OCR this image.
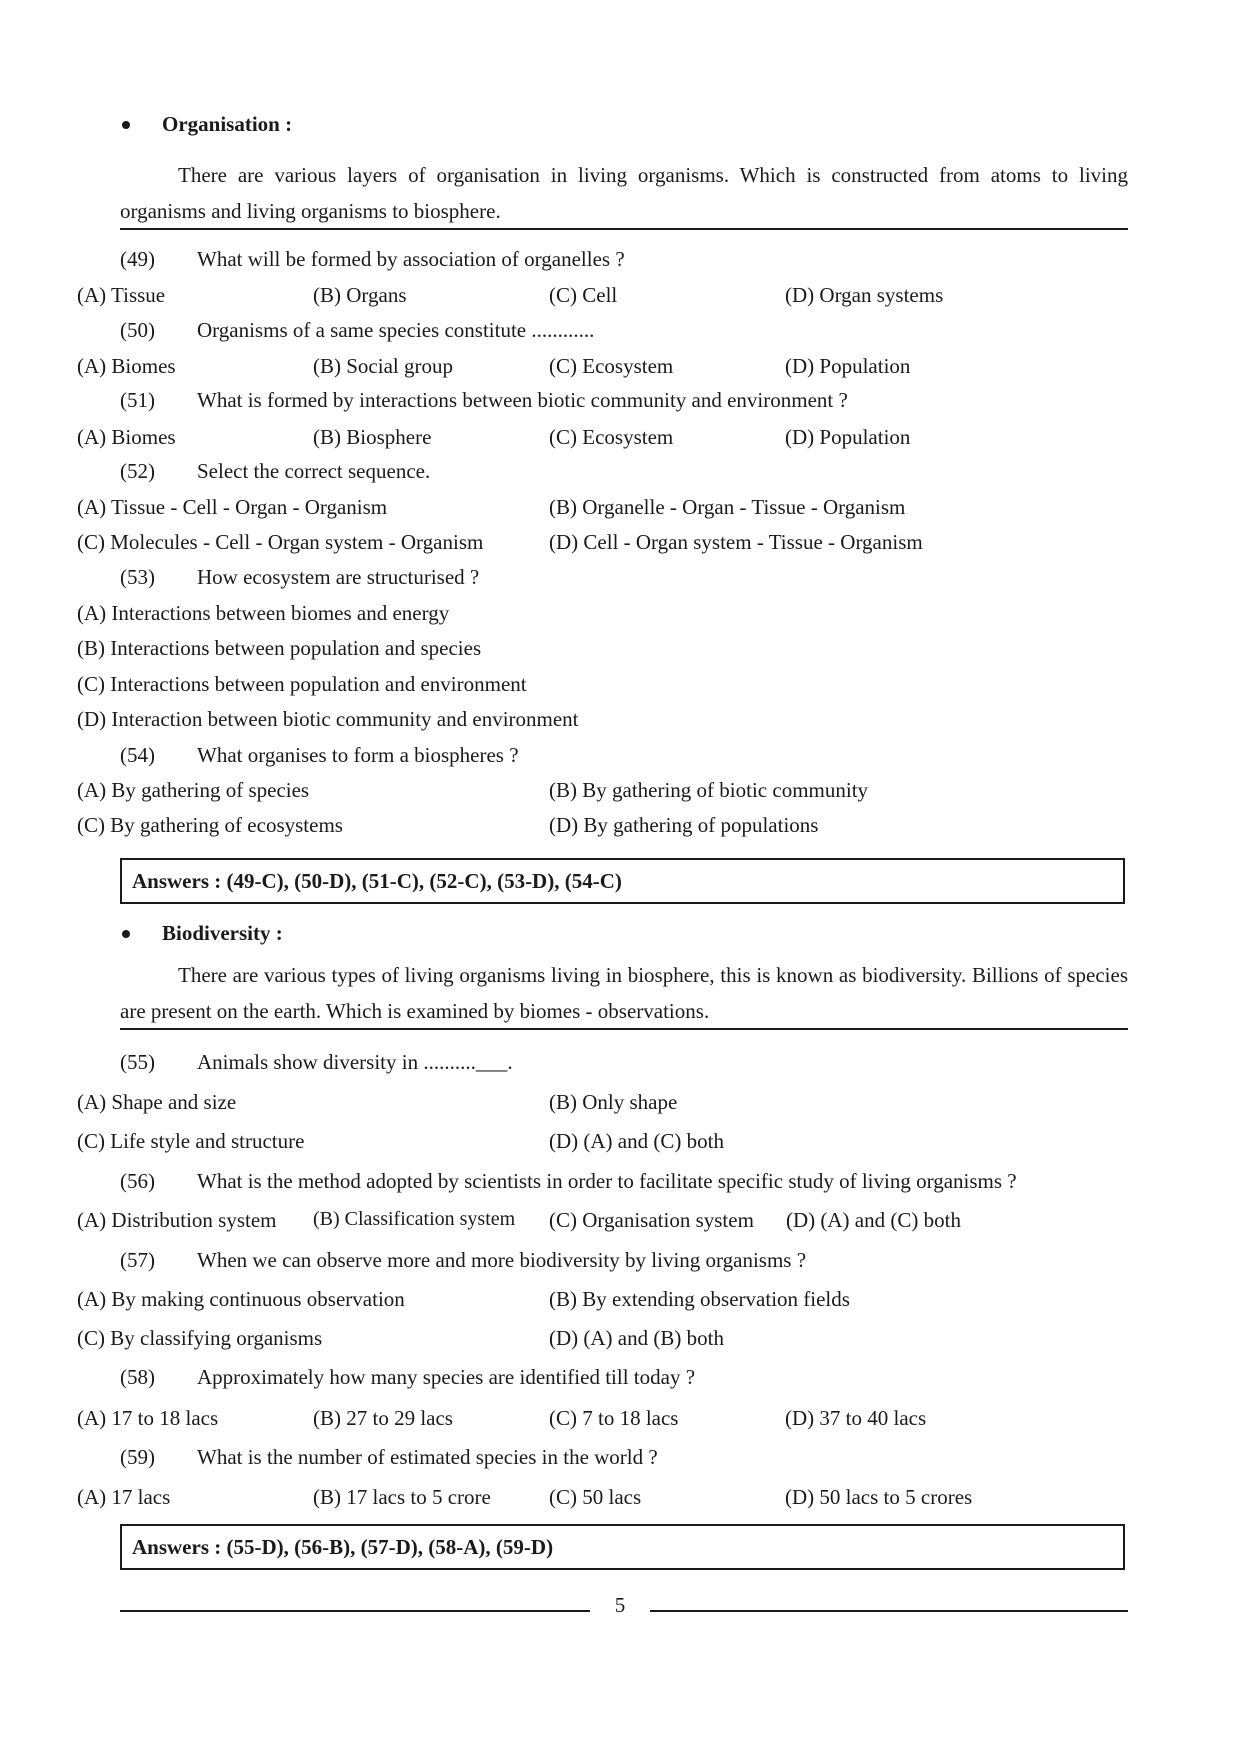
Organisation :
There are various layers of organisation in living organisms. Which is constructed from atoms to living organisms and living organisms to biosphere.
(49) What will be formed by association of organelles ?
(A) Tissue	(B) Organs	(C) Cell	(D) Organ systems
(50) Organisms of a same species constitute ............
(A) Biomes	(B) Social group	(C) Ecosystem	(D) Population
(51) What is formed by interactions between biotic community and environment ?
(A) Biomes	(B) Biosphere	(C) Ecosystem	(D) Population
(52) Select the correct sequence.
(A) Tissue - Cell - Organ - Organism	(B) Organelle - Organ - Tissue - Organism
(C) Molecules - Cell - Organ system - Organism	(D) Cell - Organ system - Tissue - Organism
(53) How ecosystem are structurised ?
(A) Interactions between biomes and energy
(B) Interactions between population and species
(C) Interactions between population and environment
(D) Interaction between biotic community and environment
(54) What organises to form a biospheres ?
(A) By gathering of species	(B) By gathering of biotic community
(C) By gathering of ecosystems	(D) By gathering of populations
Answers : (49-C), (50-D), (51-C), (52-C), (53-D), (54-C)
Biodiversity :
There are various types of living organisms living in biosphere, this is known as biodiversity. Billions of species are present on the earth. Which is examined by biomes - observations.
(55) Animals show diversity in ..........___.
(A) Shape and size	(B) Only shape
(C) Life style and structure	(D) (A) and (C) both
(56) What is the method adopted by scientists in order to facilitate specific study of living organisms ?
(A) Distribution system (B) Classification system (C) Organisation system (D) (A) and (C) both
(57) When we can observe more and more biodiversity by living organisms ?
(A) By making continuous observation	(B) By extending observation fields
(C) By classifying organisms	(D) (A) and (B) both
(58) Approximately how many species are identified till today ?
(A) 17 to 18 lacs	(B) 27 to 29 lacs	(C) 7 to 18 lacs	(D) 37 to 40 lacs
(59) What is the number of estimated species in the world ?
(A) 17 lacs	(B) 17 lacs to 5 crore	(C) 50 lacs	(D) 50 lacs to 5 crores
Answers : (55-D), (56-B), (57-D), (58-A), (59-D)
5
